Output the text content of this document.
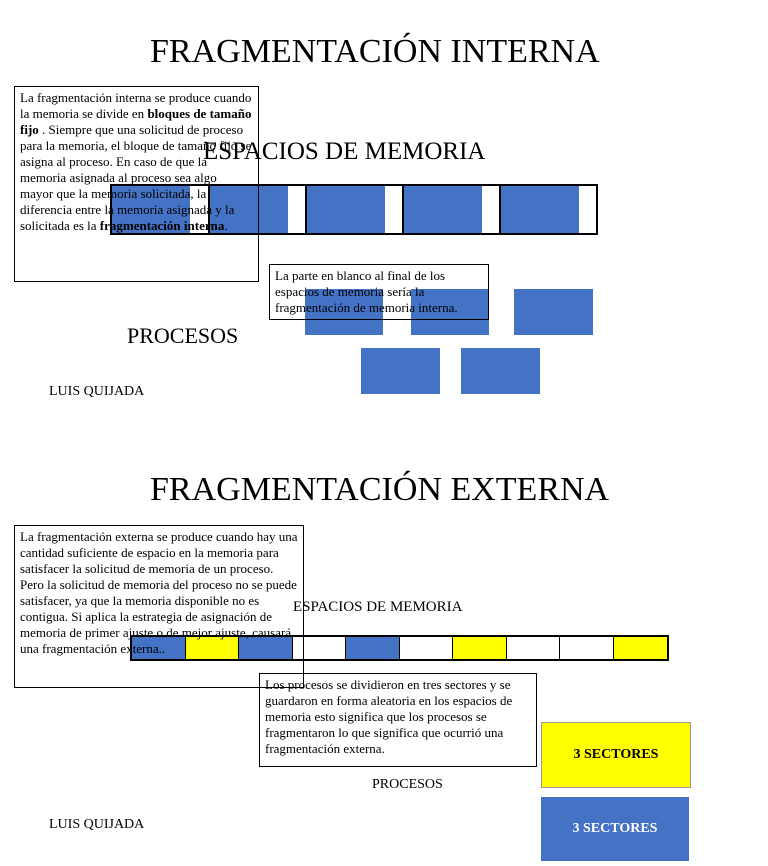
FRAGMENTACIÓN INTERNA
ESPACIOS DE MEMORIA
La fragmentación interna se produce cuando la memoria se divide en bloques de tamaño fijo . Siempre que una solicitud de proceso para la memoria, el bloque de tamaño fijo se asigna al proceso. En caso de que la memoria asignada al proceso sea algo mayor que la memoria solicitada, la diferencia entre la memoria asignada y la solicitada es la fragmentación interna.
La parte en blanco al final de los espacios de memoria sería la fragmentación de memoria interna.
PROCESOS
LUIS QUIJADA
FRAGMENTACIÓN EXTERNA
ESPACIOS DE MEMORIA
La fragmentación externa se produce cuando hay una cantidad suficiente de espacio en la memoria para satisfacer la solicitud de memoria de un proceso. Pero la solicitud de memoria del proceso no se puede satisfacer, ya que la memoria disponible no es contigua. Si aplica la estrategia de asignación de memoria de primer ajuste o de mejor ajuste, causará una fragmentación externa..
Los procesos se dividieron en tres sectores y se guardaron en forma aleatoria en los espacios de memoria esto significa que los procesos se fragmentaron lo que significa que ocurrió una fragmentación externa.
PROCESOS
3 SECTORES
3 SECTORES
LUIS QUIJADA
